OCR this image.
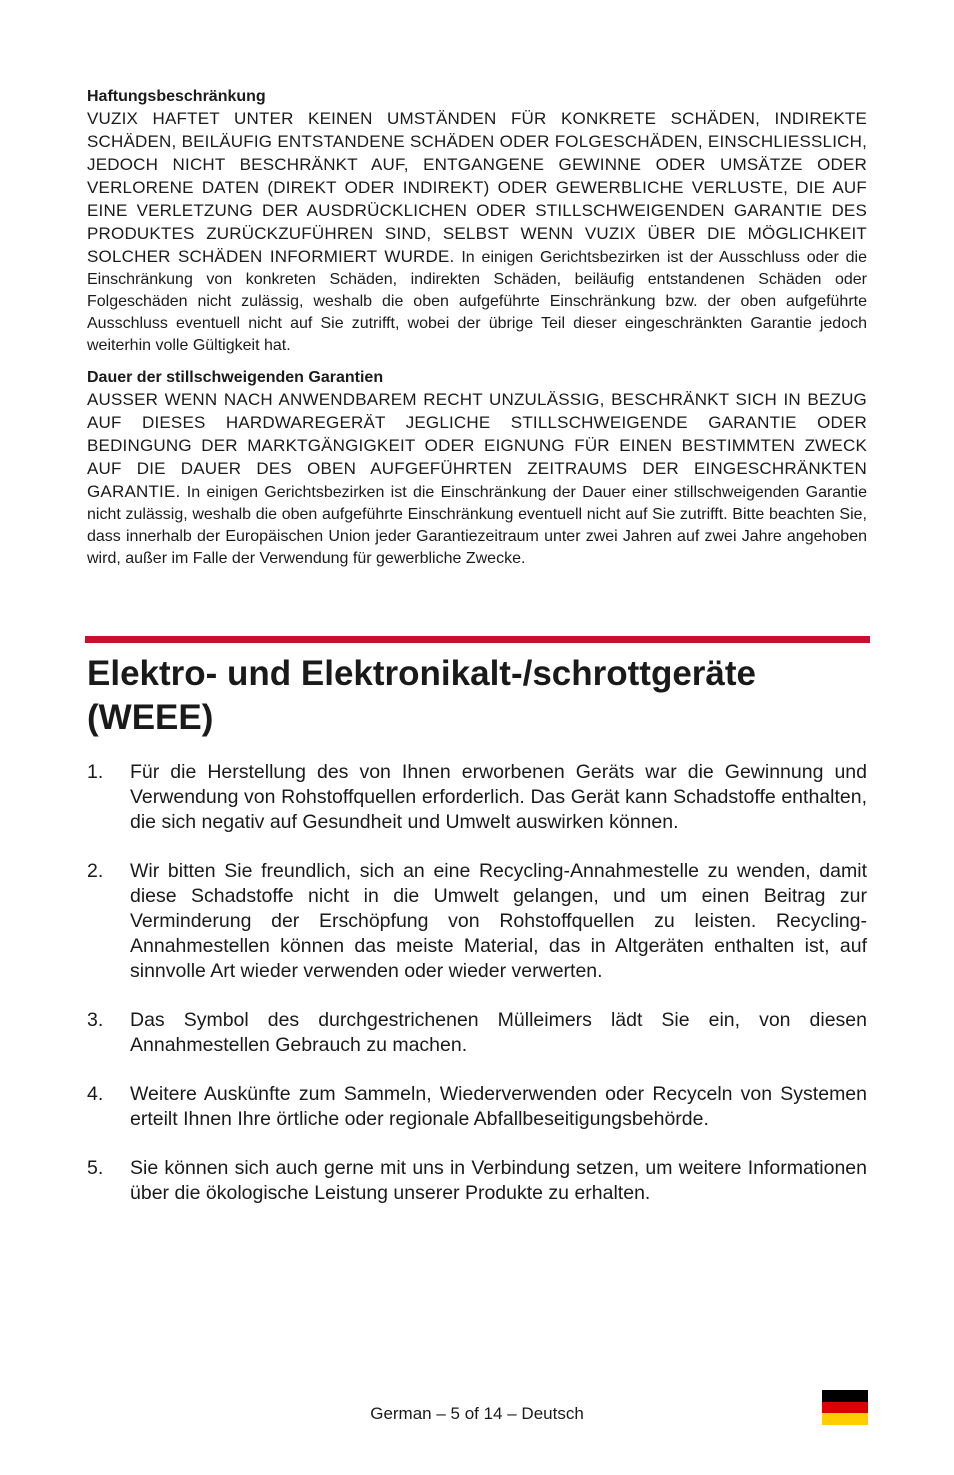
Haftungsbeschränkung

VUZIX HAFTET UNTER KEINEN UMSTÄNDEN FÜR KONKRETE SCHÄDEN, INDIREKTE SCHÄDEN, BEILÄUFIG ENTSTANDENE SCHÄDEN ODER FOLGESCHÄDEN, EINSCHLIESSLICH, JEDOCH NICHT BESCHRÄNKT AUF, ENTGANGENE GEWINNE ODER UMSÄTZE ODER VERLORENE DATEN (DIREKT ODER INDIREKT) ODER GEWERBLICHE VERLUSTE, DIE AUF EINE VERLETZUNG DER AUSDRÜCKLICHEN ODER STILLSCHWEIGENDEN GARANTIE DES PRODUKTES ZURÜCKZUFÜHREN SIND, SELBST WENN VUZIX ÜBER DIE MÖGLICHKEIT SOLCHER SCHÄDEN INFORMIERT WURDE. In einigen Gerichtsbezirken ist der Ausschluss oder die Einschränkung von konkreten Schäden, indirekten Schäden, beiläufig entstandenen Schäden oder Folgeschäden nicht zulässig, weshalb die oben aufgeführte Einschränkung bzw. der oben aufgeführte Ausschluss eventuell nicht auf Sie zutrifft, wobei der übrige Teil dieser eingeschränkten Garantie jedoch weiterhin volle Gültigkeit hat.

Dauer der stillschweigenden Garantien

AUSSER WENN NACH ANWENDBAREM RECHT UNZULÄSSIG, BESCHRÄNKT SICH IN BEZUG AUF DIESES HARDWAREGERÄT JEGLICHE STILLSCHWEIGENDE GARANTIE ODER BEDINGUNG DER MARKTGÄNGIGKEIT ODER EIGNUNG FÜR EINEN BESTIMMTEN ZWECK AUF DIE DAUER DES OBEN AUFGEFÜHRTEN ZEITRAUMS DER EINGESCHRÄNKTEN GARANTIE. In einigen Gerichtsbezirken ist die Einschränkung der Dauer einer stillschweigenden Garantie nicht zulässig, weshalb die oben aufgeführte Einschränkung eventuell nicht auf Sie zutrifft. Bitte beachten Sie, dass innerhalb der Europäischen Union jeder Garantiezeitraum unter zwei Jahren auf zwei Jahre angehoben wird, außer im Falle der Verwendung für gewerbliche Zwecke.

Elektro- und Elektronikalt-/schrottgeräte (WEEE)
1. Für die Herstellung des von Ihnen erworbenen Geräts war die Gewinnung und Verwendung von Rohstoffquellen erforderlich. Das Gerät kann Schadstoffe enthalten, die sich negativ auf Gesundheit und Umwelt auswirken können.
2. Wir bitten Sie freundlich, sich an eine Recycling-Annahmestelle zu wenden, damit diese Schadstoffe nicht in die Umwelt gelangen, und um einen Beitrag zur Verminderung der Erschöpfung von Rohstoffquellen zu leisten. Recycling-Annahmestellen können das meiste Material, das in Altgeräten enthalten ist, auf sinnvolle Art wieder verwenden oder wieder verwerten.
3. Das Symbol des durchgestrichenen Mülleimers lädt Sie ein, von diesen Annahmestellen Gebrauch zu machen.
4. Weitere Auskünfte zum Sammeln, Wiederverwenden oder Recyceln von Systemen erteilt Ihnen Ihre örtliche oder regionale Abfallbeseitigungsbehörde.
5. Sie können sich auch gerne mit uns in Verbindung setzen, um weitere Informationen über die ökologische Leistung unserer Produkte zu erhalten.
German – 5 of 14 – Deutsch
